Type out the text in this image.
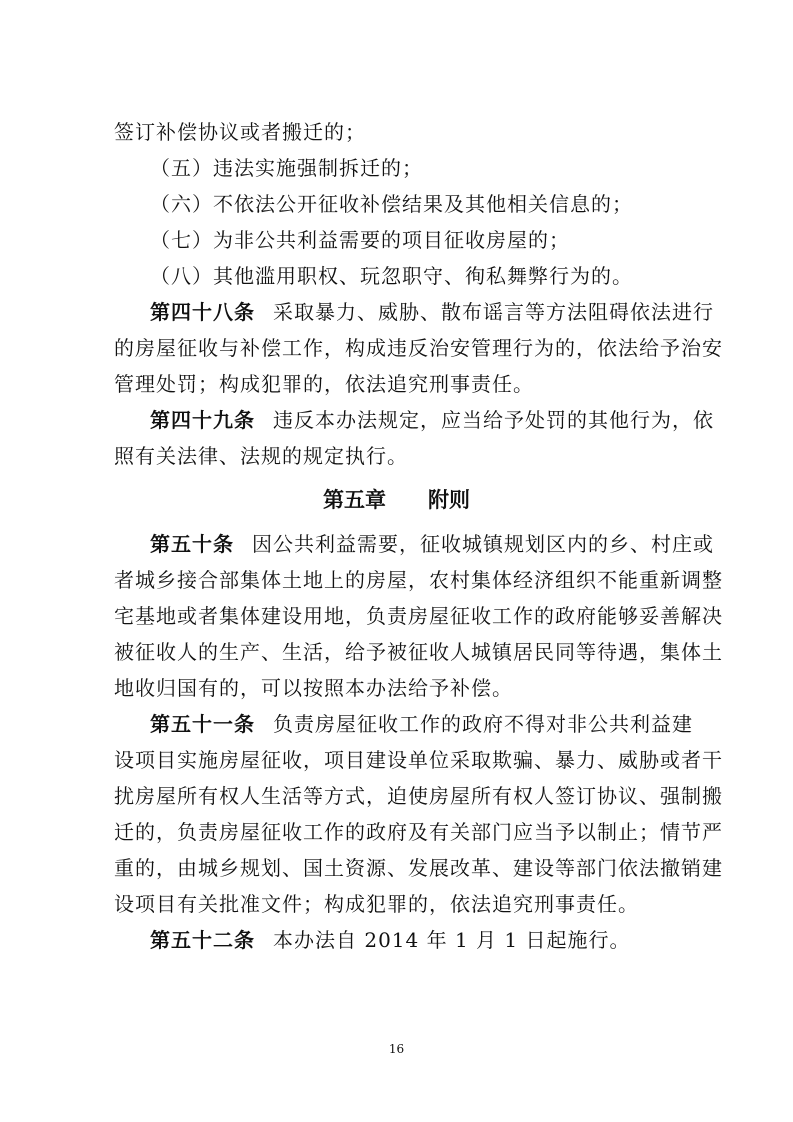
签订补偿协议或者搬迁的；
（五）违法实施强制拆迁的；
（六）不依法公开征收补偿结果及其他相关信息的；
（七）为非公共利益需要的项目征收房屋的；
（八）其他滥用职权、玩忽职守、徇私舞弊行为的。
第四十八条 采取暴力、威胁、散布谣言等方法阻碍依法进行
的房屋征收与补偿工作，构成违反治安管理行为的，依法给予治安
管理处罚；构成犯罪的，依法追究刑事责任。
第四十九条 违反本办法规定，应当给予处罚的其他行为，依
照有关法律、法规的规定执行。
第五章　　附则
第五十条 因公共利益需要，征收城镇规划区内的乡、村庄或
者城乡接合部集体土地上的房屋，农村集体经济组织不能重新调整
宅基地或者集体建设用地，负责房屋征收工作的政府能够妥善解决
被征收人的生产、生活，给予被征收人城镇居民同等待遇，集体土
地收归国有的，可以按照本办法给予补偿。
第五十一条 负责房屋征收工作的政府不得对非公共利益建
设项目实施房屋征收，项目建设单位采取欺骗、暴力、威胁或者干
扰房屋所有权人生活等方式，迫使房屋所有权人签订协议、强制搬
迁的，负责房屋征收工作的政府及有关部门应当予以制止；情节严
重的，由城乡规划、国土资源、发展改革、建设等部门依法撤销建
设项目有关批准文件；构成犯罪的，依法追究刑事责任。
第五十二条 本办法自 2014 年 1 月 1 日起施行。
16
